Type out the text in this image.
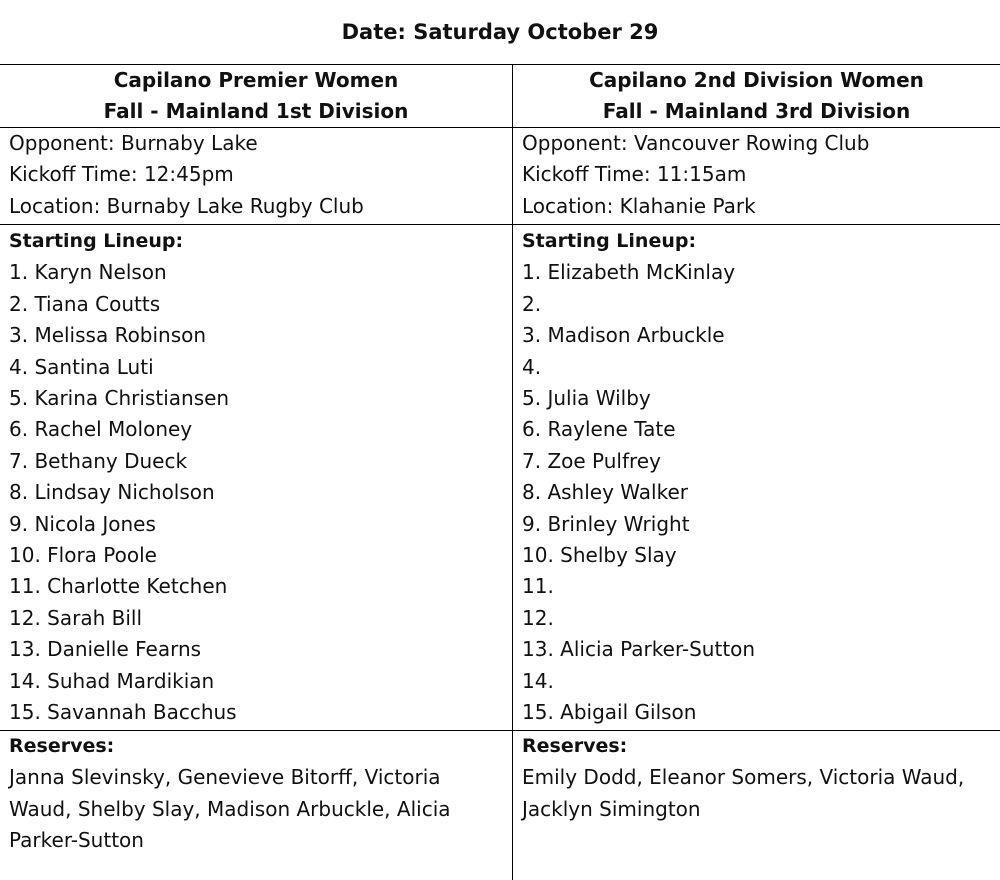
Date: Saturday October 29
Capilano Premier Women
Fall - Mainland 1st Division
Opponent: Burnaby Lake
Kickoff Time: 12:45pm
Location: Burnaby Lake Rugby Club
Starting Lineup:
1. Karyn Nelson
2. Tiana Coutts
3. Melissa Robinson
4. Santina Luti
5. Karina Christiansen
6. Rachel Moloney
7. Bethany Dueck
8. Lindsay Nicholson
9. Nicola Jones
10. Flora Poole
11. Charlotte Ketchen
12. Sarah Bill
13. Danielle Fearns
14. Suhad Mardikian
15. Savannah Bacchus
Reserves:
Janna Slevinsky, Genevieve Bitorff, Victoria Waud, Shelby Slay, Madison Arbuckle, Alicia Parker-Sutton
Capilano 2nd Division Women
Fall - Mainland 3rd Division
Opponent: Vancouver Rowing Club
Kickoff Time: 11:15am
Location: Klahanie Park
Starting Lineup:
1. Elizabeth McKinlay
2.
3. Madison Arbuckle
4.
5. Julia Wilby
6. Raylene Tate
7. Zoe Pulfrey
8. Ashley Walker
9. Brinley Wright
10. Shelby Slay
11.
12.
13. Alicia Parker-Sutton
14.
15. Abigail Gilson
Reserves:
Emily Dodd, Eleanor Somers, Victoria Waud, Jacklyn Simington
